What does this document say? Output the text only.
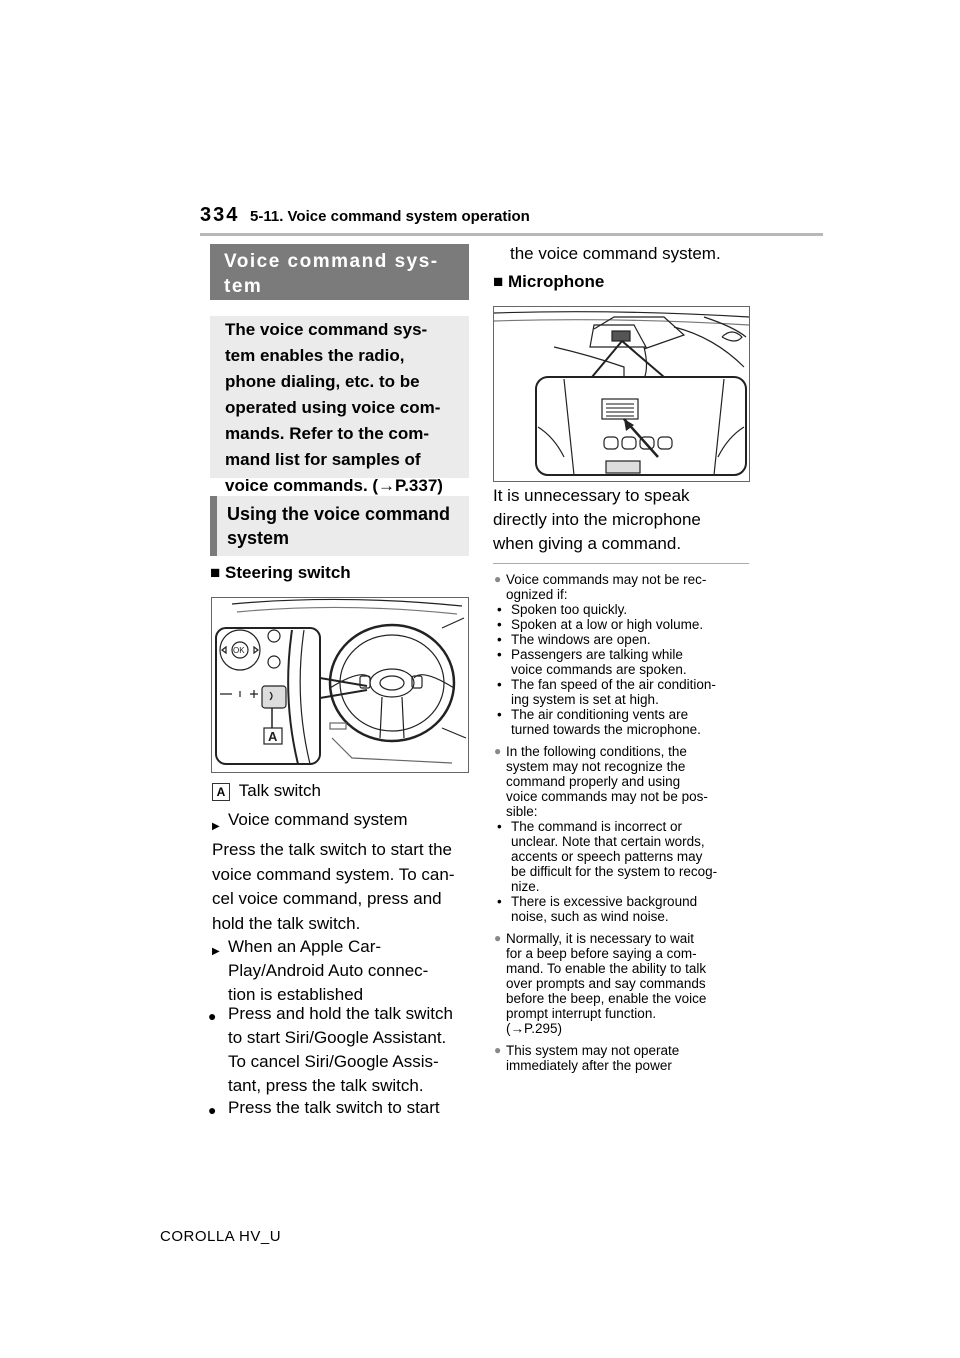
334 5-11. Voice command system operation
Voice command sys-tem
The voice command sys-
tem enables the radio,
phone dialing, etc. to be
operated using voice com-
mands. Refer to the com-
mand list for samples of
voice commands. (→P.337)
Using the voice command
system
■ Steering switch
OK
A
A Talk switch
Voice command system
Press the talk switch to start the
voice command system. To can-
cel voice command, press and
hold the talk switch.
When an Apple Car-
Play/Android Auto connec-
tion is established
Press and hold the talk switch
to start Siri/Google Assistant.
To cancel Siri/Google Assis-
tant, press the talk switch.
Press the talk switch to start
the voice command system.
■ Microphone
It is unnecessary to speak
directly into the microphone
when giving a command.
● Voice commands may not be rec-
ognized if:
• Spoken too quickly.
• Spoken at a low or high volume.
• The windows are open.
• Passengers are talking while
voice commands are spoken.
• The fan speed of the air condition-
ing system is set at high.
• The air conditioning vents are
turned towards the microphone.
● In the following conditions, the
system may not recognize the
command properly and using
voice commands may not be pos-
sible:
• The command is incorrect or
unclear. Note that certain words,
accents or speech patterns may
be difficult for the system to recog-
nize.
• There is excessive background
noise, such as wind noise.
● Normally, it is necessary to wait
for a beep before saying a com-
mand. To enable the ability to talk
over prompts and say commands
before the beep, enable the voice
prompt interrupt function.
(→P.295)
● This system may not operate
immediately after the power
COROLLA HV_U
